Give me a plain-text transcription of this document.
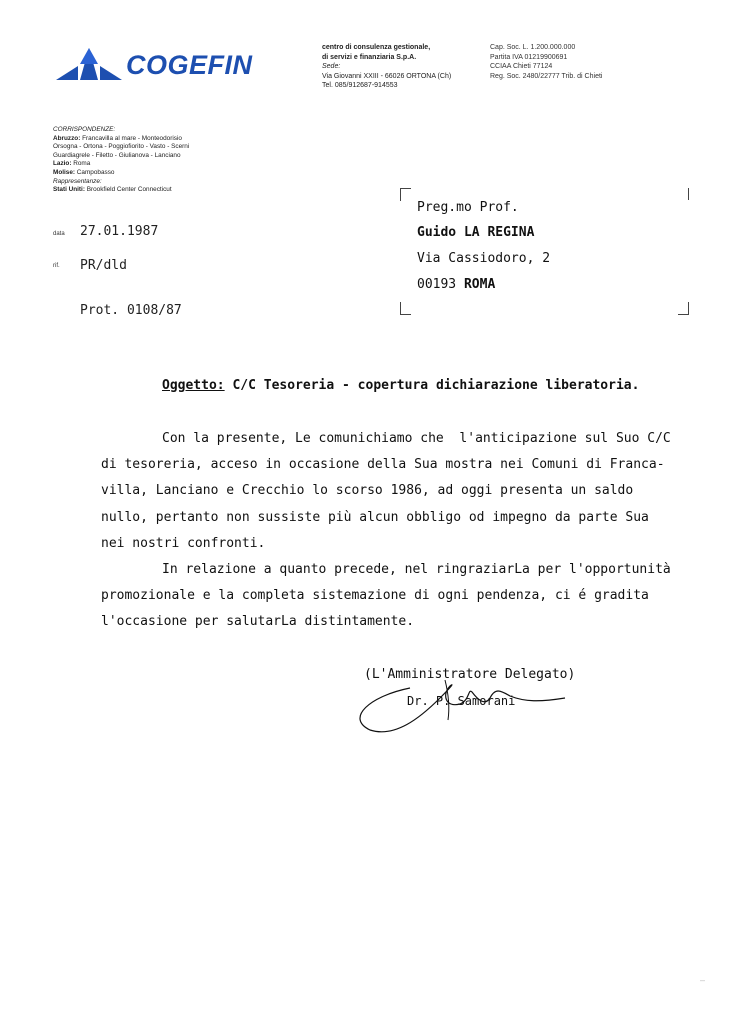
COGEFIN
centro di consulenza gestionale,
di servizi e finanziaria S.p.A.
Sede:
Via Giovanni XXIII - 66026 ORTONA (Ch)
Tel. 085/912687-914553
Cap. Soc. L. 1.200.000.000
Partita IVA 01219900691
CCIAA Chieti 77124
Reg. Soc. 2480/22777 Trib. di Chieti
CORRISPONDENZE:
Abruzzo: Francavilla al mare - Monteodorisio
Orsogna - Ortona - Poggiofiorito - Vasto - Scerni
Guardiagrele - Filetto - Giulianova - Lanciano
Lazio: Roma
Molise: Campobasso
Rappresentanze:
Stati Uniti: Brookfield Center Connecticut
data 27.01.1987
rif. PR/dld
Prot. 0108/87
Preg.mo Prof.
Guido LA REGINA
Via Cassiodoro, 2
00193 ROMA
Oggetto: C/C Tesoreria - copertura dichiarazione liberatoria.
Con la presente, Le comunichiamo che  l'anticipazione sul Suo C/C
di tesoreria, acceso in occasione della Sua mostra nei Comuni di Franca-
villa, Lanciano e Crecchio lo scorso 1986, ad oggi presenta un saldo
nullo, pertanto non sussiste più alcun obbligo od impegno da parte Sua
nei nostri confronti.
In relazione a quanto precede, nel ringraziarLa per l'opportunità
promozionale e la completa sistemazione di ogni pendenza, ci é gradita
l'occasione per salutarLa distintamente.
(L'Amministratore Delegato)
Dr. P. Samorani
–
